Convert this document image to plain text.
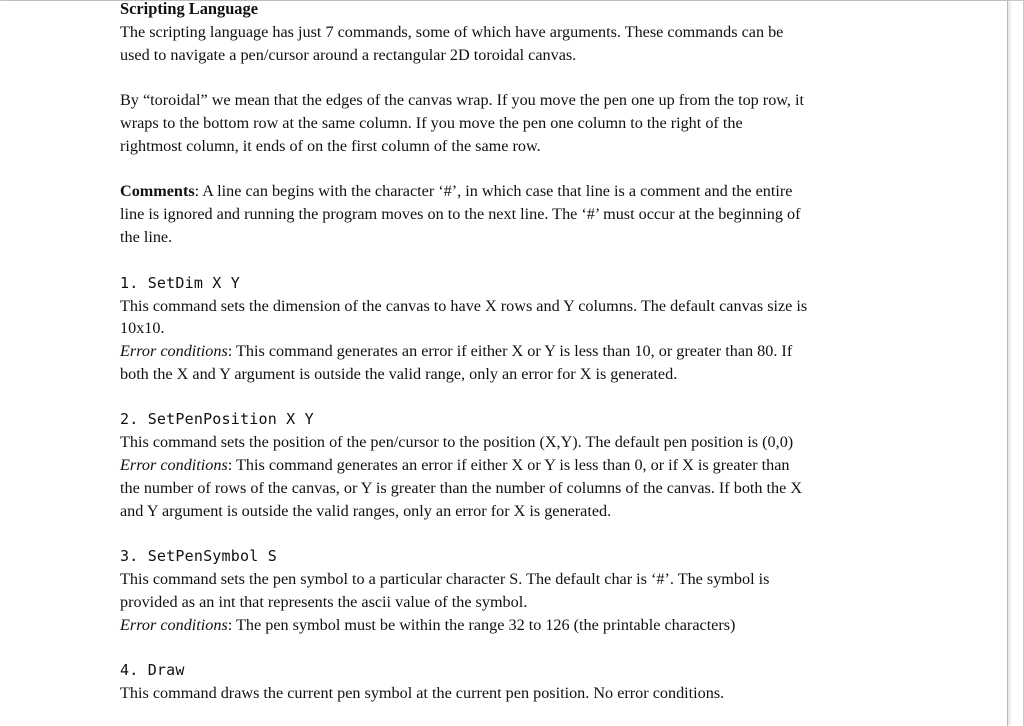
Scripting Language

The scripting language has just 7 commands, some of which have arguments. These commands can be

used to navigate a pen/cursor around a rectangular 2D toroidal canvas.

By “toroidal” we mean that the edges of the canvas wrap. If you move the pen one up from the top row, it

wraps to the bottom row at the same column. If you move the pen one column to the right of the

rightmost column, it ends of on the first column of the same row.

Comments: A line can begins with the character ‘#’, in which case that line is a comment and the entire

line is ignored and running the program moves on to the next line. The ‘#’ must occur at the beginning of

the line.

1. SetDim X Y

This command sets the dimension of the canvas to have X rows and Y columns. The default canvas size is

10x10.

Error conditions: This command generates an error if either X or Y is less than 10, or greater than 80. If

both the X and Y argument is outside the valid range, only an error for X is generated.

2. SetPenPosition X Y

This command sets the position of the pen/cursor to the position (X,Y). The default pen position is (0,0)

Error conditions: This command generates an error if either X or Y is less than 0, or if X is greater than

the number of rows of the canvas, or Y is greater than the number of columns of the canvas. If both the X

and Y argument is outside the valid ranges, only an error for X is generated.

3. SetPenSymbol S

This command sets the pen symbol to a particular character S. The default char is ‘#’. The symbol is

provided as an int that represents the ascii value of the symbol.

Error conditions: The pen symbol must be within the range 32 to 126 (the printable characters)

4. Draw

This command draws the current pen symbol at the current pen position. No error conditions.
